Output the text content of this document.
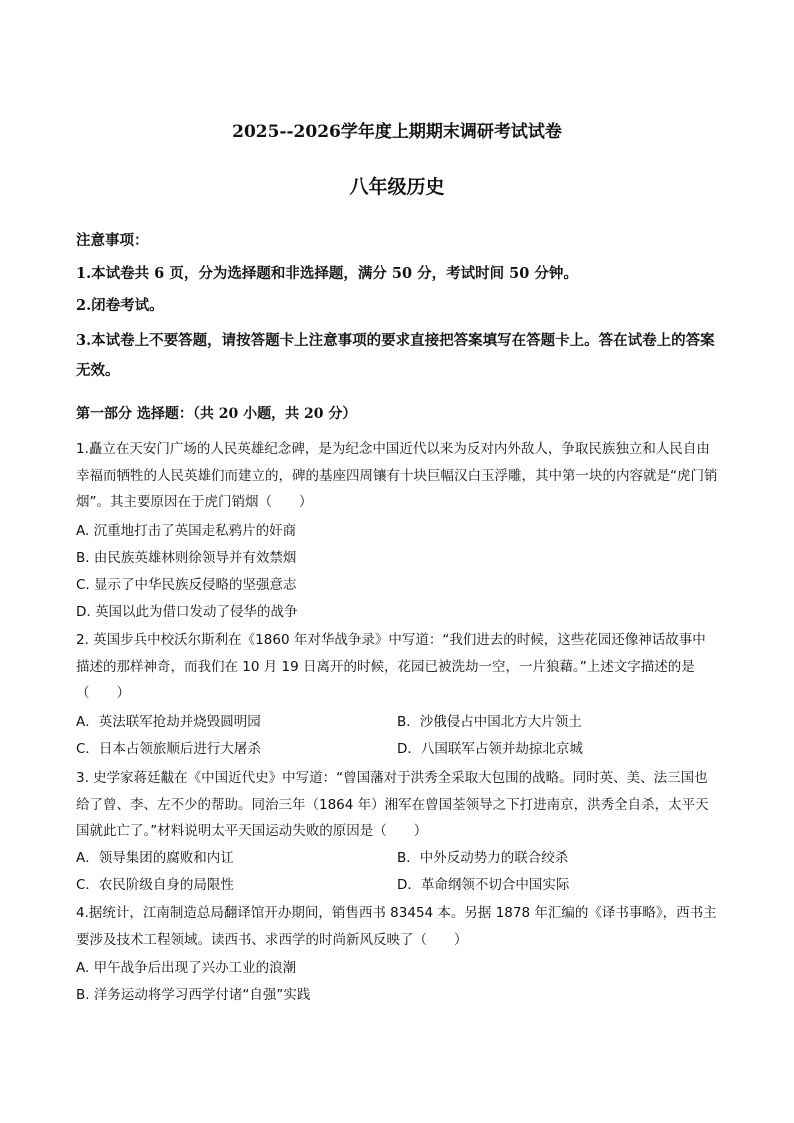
2025--2026学年度上期期末调研考试试卷
八年级历史
注意事项：
1.本试卷共 6 页，分为选择题和非选择题，满分 50 分，考试时间 50 分钟。
2.闭卷考试。
3.本试卷上不要答题，请按答题卡上注意事项的要求直接把答案填写在答题卡上。答在试卷上的答案无效。
第一部分 选择题：（共 20 小题，共 20 分）
1.矗立在天安门广场的人民英雄纪念碑，是为纪念中国近代以来为反对内外敌人，争取民族独立和人民自由幸福而牺牲的人民英雄们而建立的，碑的基座四周镶有十块巨幅汉白玉浮雕，其中第一块的内容就是“虎门销烟”。其主要原因在于虎门销烟（　　）
A. 沉重地打击了英国走私鸦片的奸商
B. 由民族英雄林则徐领导并有效禁烟
C. 显示了中华民族反侵略的坚强意志
D. 英国以此为借口发动了侵华的战争
2. 英国步兵中校沃尔斯利在《1860 年对华战争录》中写道：“我们进去的时候，这些花园还像神话故事中描述的那样神奇，而我们在 10 月 19 日离开的时候，花园已被洗劫一空，一片狼藉。”上述文字描述的是（　　）
A．英法联军抢劫并烧毁圆明园	B．沙俄侵占中国北方大片领土
C．日本占领旅顺后进行大屠杀	D．八国联军占领并劫掠北京城
3. 史学家蒋廷黻在《中国近代史》中写道：“曾国藩对于洪秀全采取大包围的战略。同时英、美、法三国也给了曾、李、左不少的帮助。同治三年（1864 年）湘军在曾国荃领导之下打进南京，洪秀全自杀，太平天国就此亡了。”材料说明太平天国运动失败的原因是（　　）
A．领导集团的腐败和内讧	B．中外反动势力的联合绞杀
C．农民阶级自身的局限性	D．革命纲领不切合中国实际
4.据统计，江南制造总局翻译馆开办期间，销售西书 83454 本。另据 1878 年汇编的《译书事略》，西书主要涉及技术工程领域。读西书、求西学的时尚新风反映了（　　）
A. 甲午战争后出现了兴办工业的浪潮
B. 洋务运动将学习西学付诸“自强”实践
